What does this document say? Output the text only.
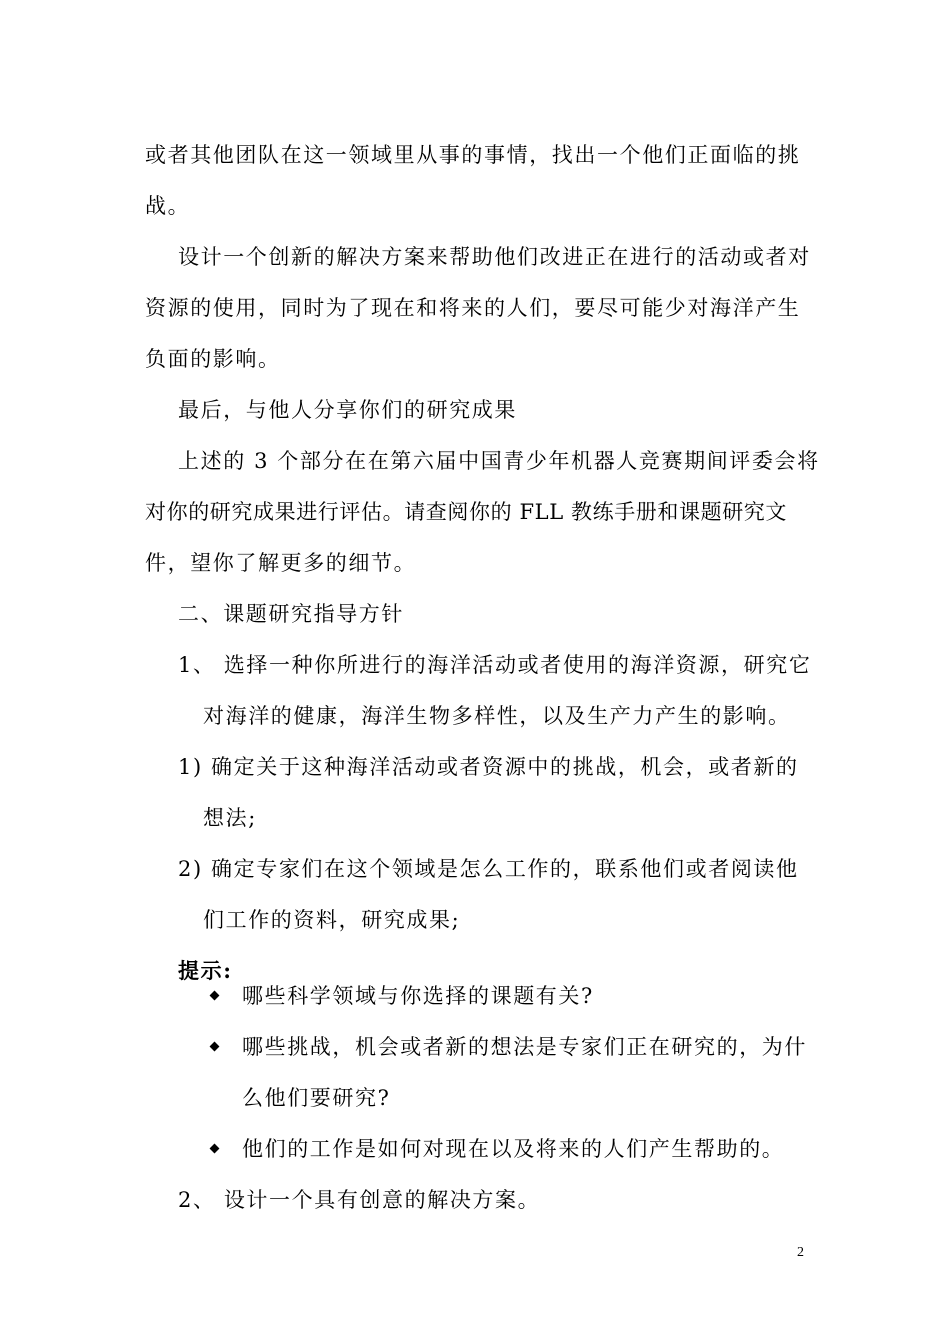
或者其他团队在这一领域里从事的事情，找出一个他们正面临的挑
战。
设计一个创新的解决方案来帮助他们改进正在进行的活动或者对
资源的使用，同时为了现在和将来的人们，要尽可能少对海洋产生
负面的影响。
最后，与他人分享你们的研究成果
上述的 3 个部分在在第六届中国青少年机器人竞赛期间评委会将
对你的研究成果进行评估。请查阅你的 FLL 教练手册和课题研究文
件，望你了解更多的细节。
二、课题研究指导方针
1、 选择一种你所进行的海洋活动或者使用的海洋资源，研究它
对海洋的健康，海洋生物多样性，以及生产力产生的影响。
1) 确定关于这种海洋活动或者资源中的挑战，机会，或者新的
想法;
2) 确定专家们在这个领域是怎么工作的，联系他们或者阅读他
们工作的资料，研究成果;
提示:
哪些科学领域与你选择的课题有关?
哪些挑战，机会或者新的想法是专家们正在研究的，为什
么他们要研究?
他们的工作是如何对现在以及将来的人们产生帮助的。
2、 设计一个具有创意的解决方案。
2
